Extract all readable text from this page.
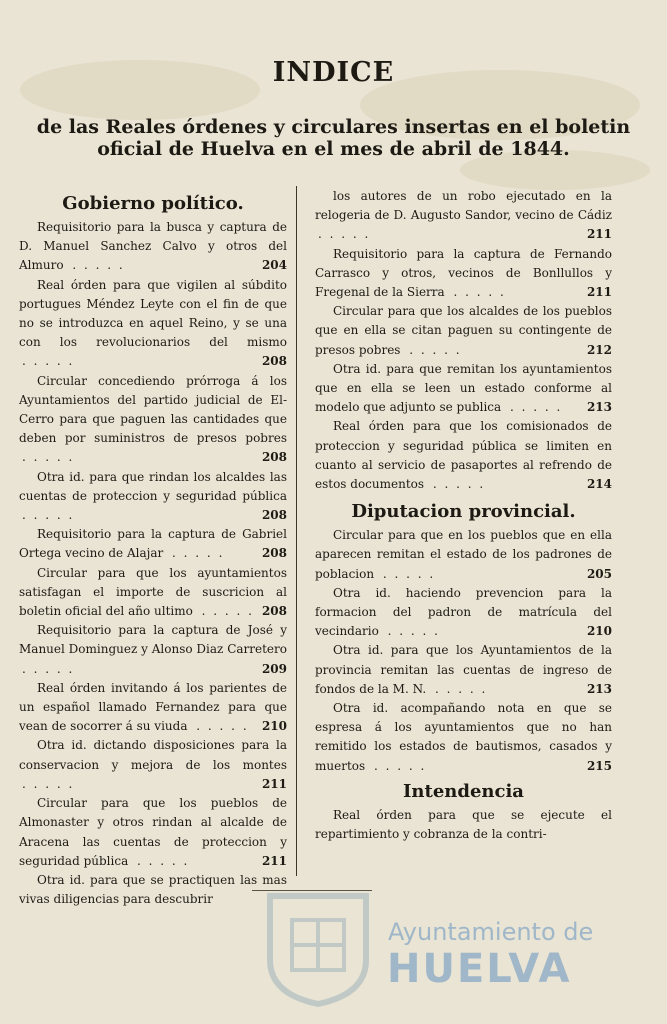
INDICE
de las Reales órdenes y circulares insertas en el boletin
oficial de Huelva en el mes de abril de 1844.
Gobierno político.
Requisitorio para la busca y captura de D. Manuel Sanchez Calvo y otros del Almuro . . . . .	204
Real órden para que vigilen al súbdito portugues Méndez Leyte con el fin de que no se introduzca en aquel Reino, y se una con los revolucionarios del mismo . . . . .	208
Circular concediendo prórroga á los Ayuntamientos del partido judicial de El-Cerro para que paguen las cantidades que deben por suministros de presos pobres . . . . .	208
Otra id. para que rindan los alcaldes las cuentas de proteccion y seguridad pública . . . . .	208
Requisitorio para la captura de Gabriel Ortega vecino de Alajar . . . . .	208
Circular para que los ayuntamientos satisfagan el importe de suscricion al boletin oficial del año ultimo . . . . . 208
Requisitorio para la captura de José y Manuel Dominguez y Alonso Diaz Carretero . . . . .	209
Real órden invitando á los parientes de un español llamado Fernandez para que vean de socorrer á su viuda . . . . . 210
Otra id. dictando disposiciones para la conservacion y mejora de los montes . . . . .	211
Circular para que los pueblos de Almonaster y otros rindan al alcalde de Aracena las cuentas de proteccion y seguridad pública . . . . .	211
Otra id. para que se practiquen las mas vivas diligencias para descubrir
los autores de un robo ejecutado en la relogeria de D. Augusto Sandor, vecino de Cádiz . . . . .	211
Requisitorio para la captura de Fernando Carrasco y otros, vecinos de Bonllullos y Fregenal de la Sierra . . . . .	211
Circular para que los alcaldes de los pueblos que en ella se citan paguen su contingente de presos pobres . . . . .	212
Otra id. para que remitan los ayuntamientos que en ella se leen un estado conforme al modelo que adjunto se publica . . . . . 213
Real órden para que los comisionados de proteccion y seguridad pública se limiten en cuanto al servicio de pasaportes al refrendo de estos documentos . . . . .	214
Diputacion provincial.
Circular para que en los pueblos que en ella aparecen remitan el estado de los padrones de poblacion . . . . .	205
Otra id. haciendo prevencion para la formacion del padron de matrícula del vecindario . . . . .	210
Otra id. para que los Ayuntamientos de la provincia remitan las cuentas de ingreso de fondos de la M. N. . . . . .	213
Otra id. acompañando nota en que se espresa á los ayuntamientos que no han remitido los estados de bautismos, casados y muertos . . . . .	215
Intendencia
Real órden para que se ejecute el repartimiento y cobranza de la contri-
Ayuntamiento de
HUELVA
